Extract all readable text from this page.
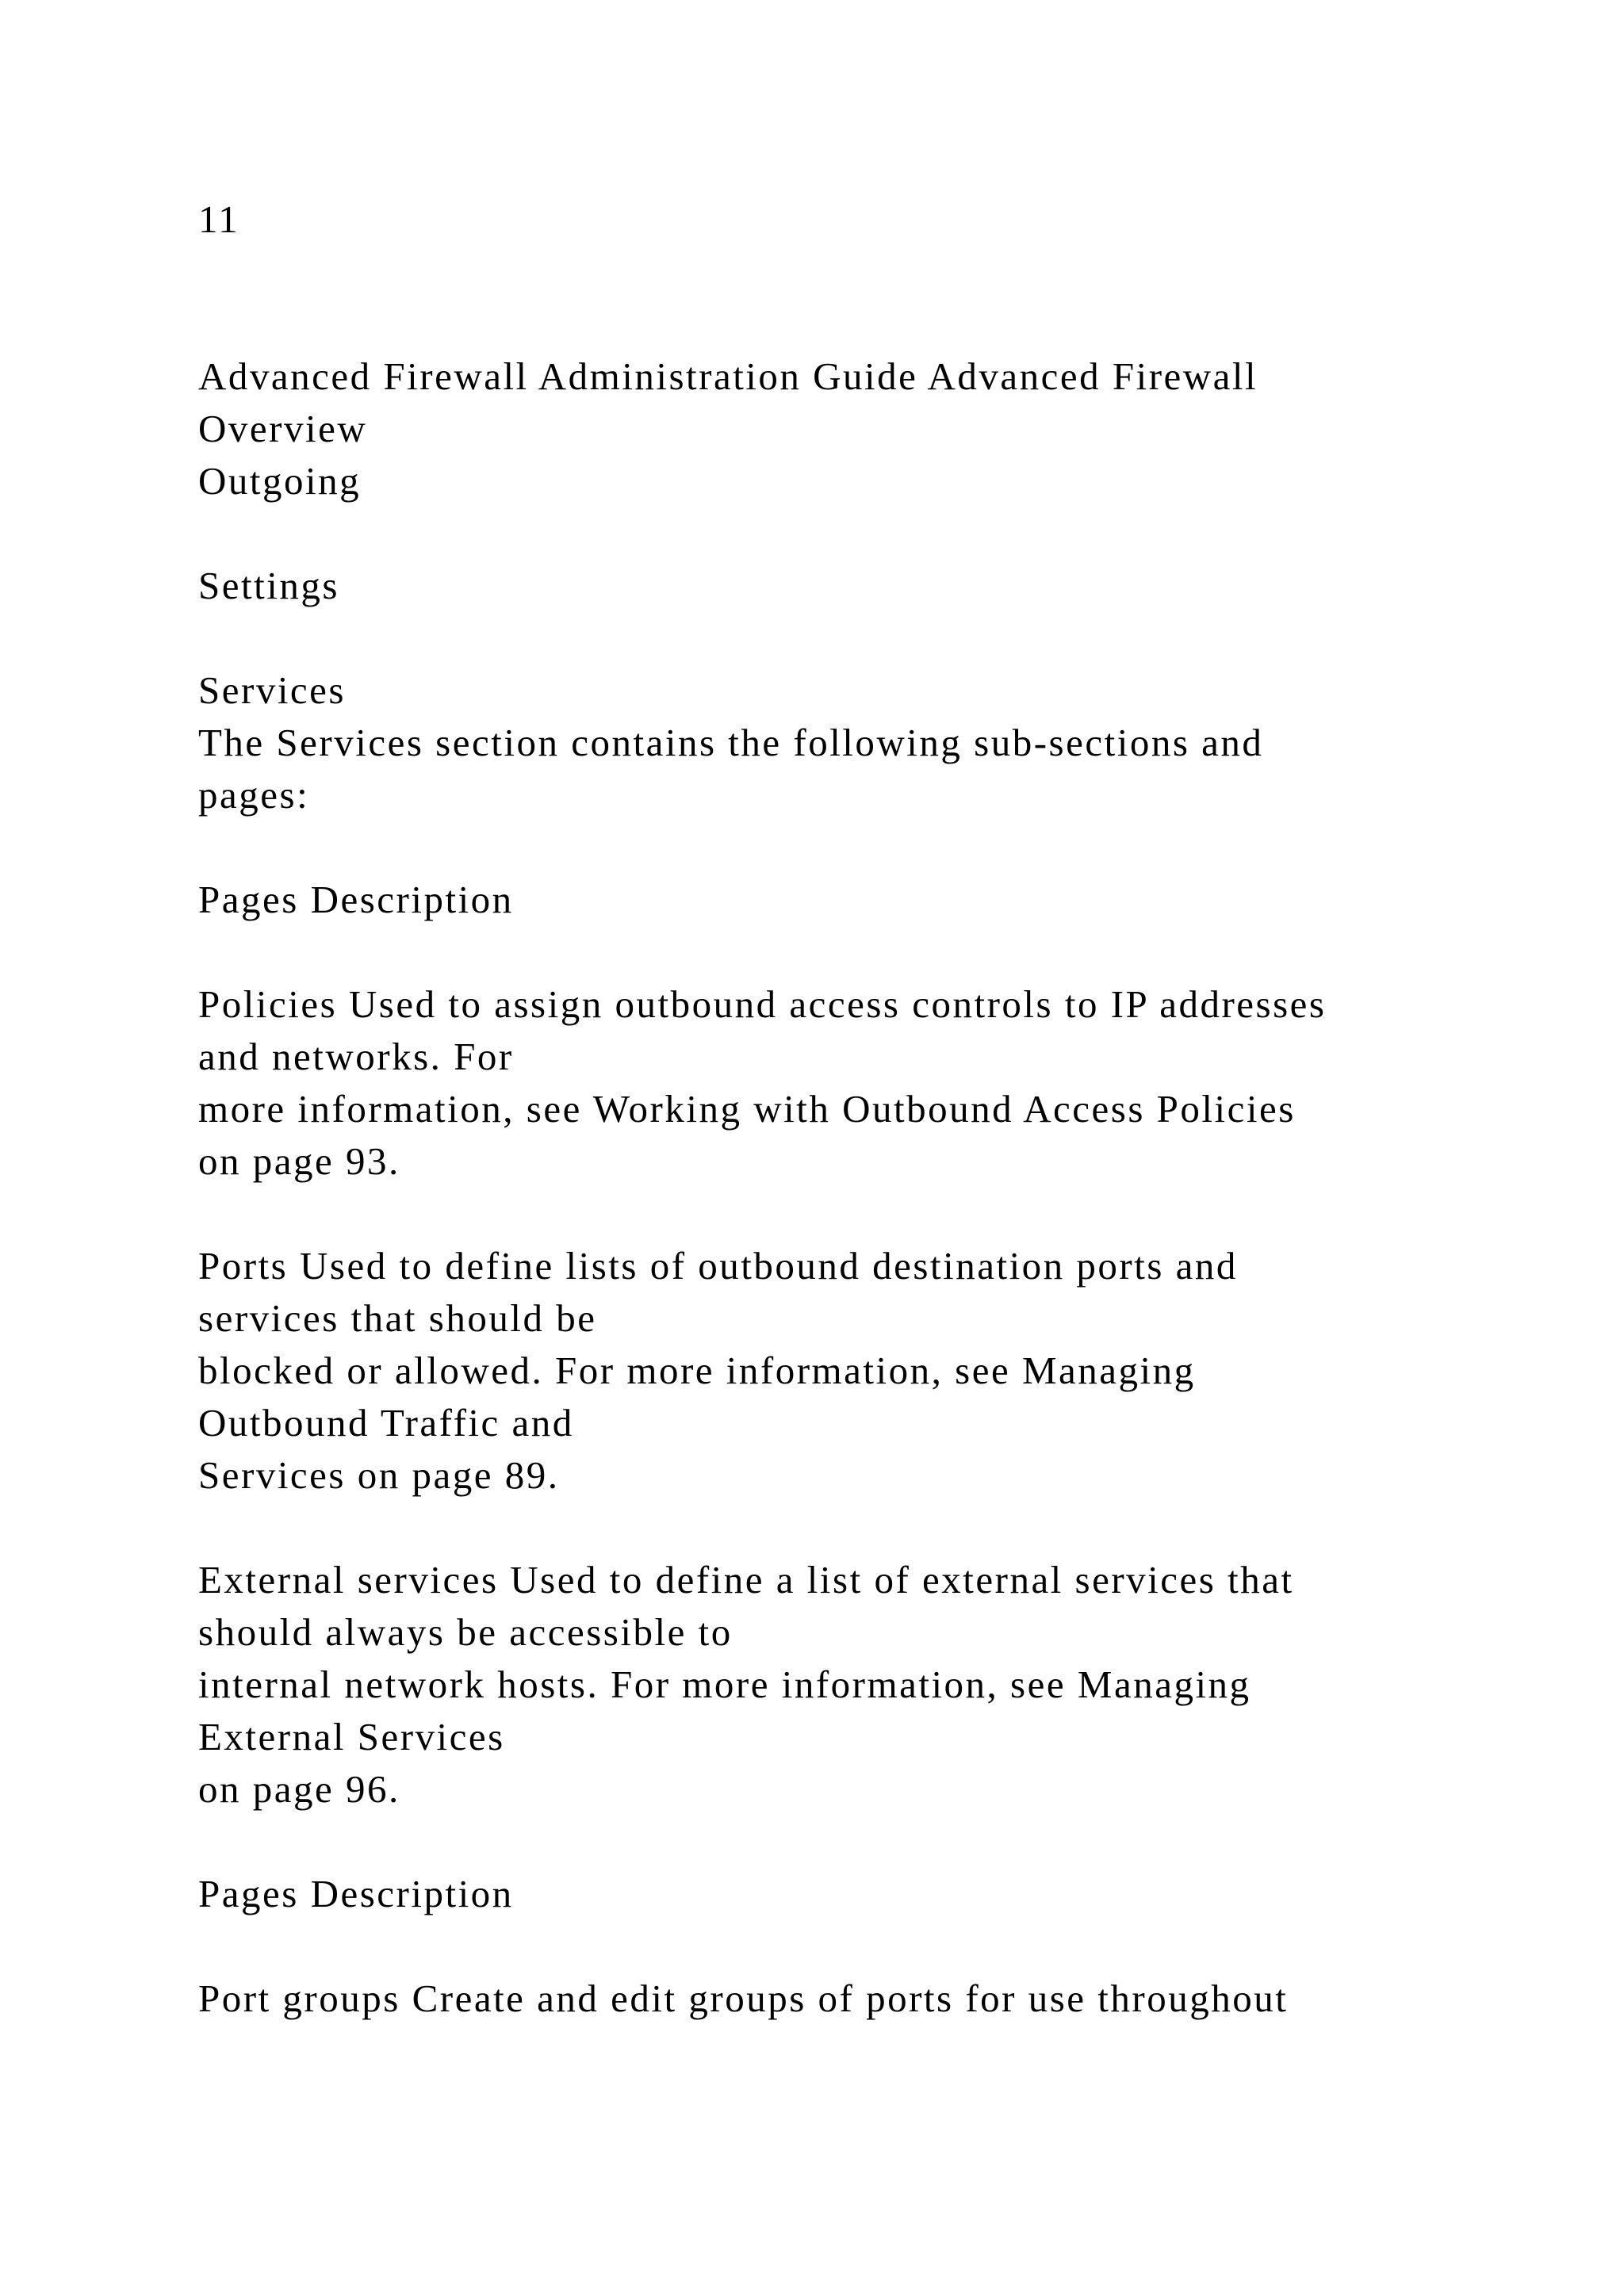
11
Advanced Firewall Administration Guide Advanced Firewall
Overview
Outgoing
Settings
Services
The Services section contains the following sub-sections and
pages:
Pages Description
Policies Used to assign outbound access controls to IP addresses
and networks. For
more information, see Working with Outbound Access Policies
on page 93.
Ports Used to define lists of outbound destination ports and
services that should be
blocked or allowed. For more information, see Managing
Outbound Traffic and
Services on page 89.
External services Used to define a list of external services that
should always be accessible to
internal network hosts. For more information, see Managing
External Services
on page 96.
Pages Description
Port groups Create and edit groups of ports for use throughout
